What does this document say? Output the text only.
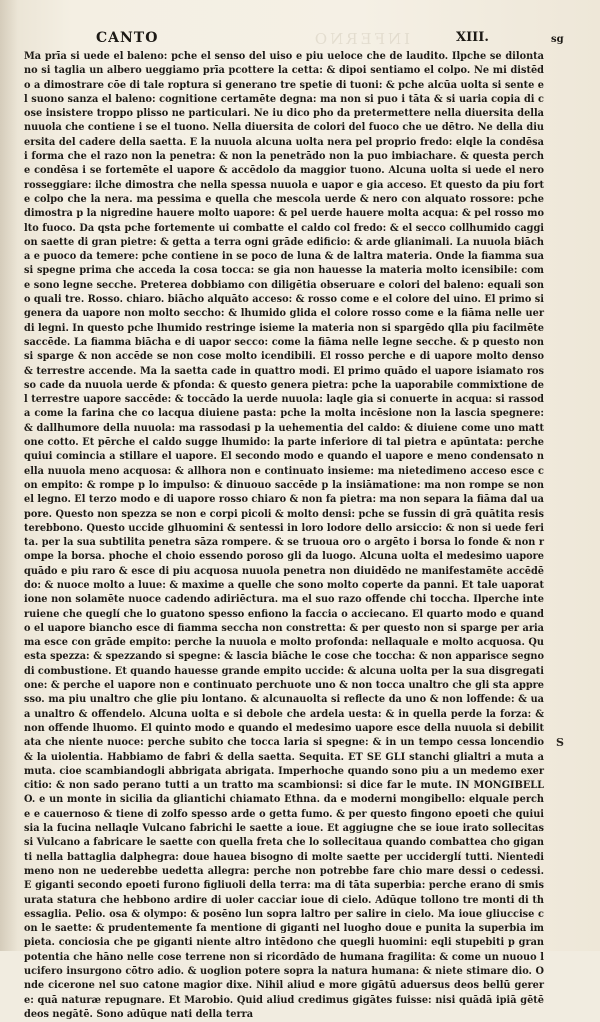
INFERNO
CANTO	XIII.	sg

Ma prīa si uede el baleno: pche el senso del uiso e piu ueloce che de laudito. Ilpche se dilontano si taglia un albero ueggiamo prīa pcottere la cetta: & dipoi sentiamo el colpo. Ne mi distēdo a dimostrare cōe di tale roptura si generano tre spetie di tuoni: & pche alcūa uolta si sente el suono sanza el baleno: cognitione certamēte degna: ma non si puo i tāta & si uaria copia di cose insistere troppo plisso ne particulari. Ne iu dico pho da pretermettere nella diuersita della nuuola che contiene i se el tuono. Nella diuersita de colori del fuoco che ue dētro. Ne della diuersita del cadere della saetta. E la nuuola alcuna uolta nera pel proprio fredo: elqle la condēsa i forma che el razo non la penetra: & non la penetrādo non la puo imbiachare. & questa perche condēsa i se fortemēte el uapore & accēdolo da maggior tuono. Alcuna uolta si uede el nero rosseggiare: ilche dimostra che nella spessa nuuola e uapor e gia acceso. Et questo da piu forte colpo che la nera. ma pessima e quella che mescola uerde & nero con alquato rossore: pche dimostra p la nigredine hauere molto uapore: & pel uerde hauere molta acqua: & pel rosso molto fuoco. Da qsta pche fortemente ui combatte el caldo col fredo: & el secco collhumido caggion saette di gran pietre: & getta a terra ogni grāde edificio: & arde glianimali. La nuuola biācha e puoco da temere: pche contiene in se poco de luna & de laltra materia. Onde la fiamma sua si spegne prima che acceda la cosa tocca: se gia non hauesse la materia molto icensibile: come sono legne secche. Preterea dobbiamo con diligētia obseruare e colori del baleno: equali sono quali tre. Rosso. chiaro. biācho alquāto acceso: & rosso come e el colore del uino. El primo si genera da uapore non molto seccho: & lhumido glida el colore rosso come e la fiāma nelle uerdi legni. In questo pche lhumido restringe isieme la materia non si spargēdo qlla piu facilmēte saccēde. La fiamma biācha e di uapor secco: come la fiāma nelle legne secche. & p questo non si sparge & non accēde se non cose molto icendibili. El rosso perche e di uapore molto denso & terrestre accende. Ma la saetta cade in quattro modi. El primo quādo el uapore isiamato rosso cade da nuuola uerde & pfonda: & questo genera pietra: pche la uaporabile commixtione del terrestre uapore saccēde: & toccādo la uerde nuuola: laqle gia si conuerte in acqua: si rassoda come la farina che co lacqua diuiene pasta: pche la molta incēsione non la lascia spegnere: & dallhumore della nuuola: ma rassodasi p la uehementia del caldo: & diuiene come uno mattone cotto. Et pērche el caldo sugge lhumido: la parte inferiore di tal pietra e apūntata: perche quiui comincia a stillare el uapore. El secondo modo e quando el uapore e meno condensato nella nuuola meno acquosa: & allhora non e continuato insieme: ma nietedimeno acceso esce con empito: & rompe p lo impulso: & dinuouo saccēde p la insiāmatione: ma non rompe se non el legno. El terzo modo e di uapore rosso chiaro & non fa pietra: ma non separa la fiāma dal uapore. Questo non spezza se non e corpi picoli & molto densi: pche se fussin di grā quātita resisterebbono. Questo uccide glhuomini & sentessi in loro lodore dello arsiccio: & non si uede ferita. per la sua subtilita penetra sāza rompere. & se truoua oro o argēto i borsa lo fonde & non rompe la borsa. phoche el choio essendo poroso gli da luogo. Alcuna uolta el medesimo uapore quādo e piu raro & esce di piu acquosa nuuola penetra non diuidēdo ne manifestamēte accēdēdo: & nuoce molto a luue: & maxime a quelle che sono molto coperte da panni. Et tale uaporatione non solamēte nuoce cadendo adiriēctura. ma el suo razo offende chi toccha. Ilperche interuiene che queglí che lo guatono spesso enfiono la faccia o acciecano. El quarto modo e quando el uapore biancho esce di fiamma seccha non constretta: & per questo non si sparge per aria ma esce con grāde empito: perche la nuuola e molto profonda: nellaquale e molto acquosa. Questa spezza: & spezzando si spegne: & lascia biāche le cose che toccha: & non apparisce segno di combustione. Et quando hauesse grande empito uccide: & alcuna uolta per la sua disgregatione: & perche el uapore non e continuato perchuote uno & non tocca unaltro che gli sta appresso. ma piu unaltro che glie piu lontano. & alcunauolta si reflecte da uno & non loffende: & ua a unaltro & offendelo. Alcuna uolta e si debole che ardela uesta: & in quella perde la forza: & non offende lhuomo. El quinto modo e quando el medesimo uapore esce della nuuola si debilitata che niente nuoce: perche subito che tocca laria si spegne: & in un tempo cessa loncendio & la uiolentia. Habbiamo de fabri & della saetta. Sequita. ET SE GLI stanchi glialtri a muta a muta. cioe scambiandogli abbrigata abrigata. Imperhoche quando sono piu a un medemo exercitio: & non sado perano tutti a un tratto ma scambionsi: si dice far le mute. IN MONGIBELLO. e un monte in sicilia da gliantichi chiamato Ethna. da e moderni mongibello: elquale perche e cauernoso & tiene di zolfo spesso arde o getta fumo. & per questo fingono epoeti che quiui sia la fucina nellaqle Vulcano fabrichi le saette a ioue. Et aggiugne che se ioue irato sollecitassi Vulcano a fabricare le saette con quella freta che lo sollecitaua quando combattea cho giganti nella battaglia dalphegra: doue hauea bisogno di molte saette per ucciderglí tutti. Nientedimeno non ne uederebbe uedetta allegra: perche non potrebbe fare chio mare dessi o cedessi. E giganti secondo epoeti furono figliuoli della terra: ma di tāta superbia: perche erano di smisurata statura che hebbono ardire di uoler cacciar ioue di cielo. Adūque tollono tre monti di thessaglia. Pelio. osa & olympo: & posēno lun sopra laltro per salire in cielo. Ma ioue gliuccise con le saette: & prudentemente fa mentione di giganti nel luogho doue e punita la superbia impieta. conciosia che pe giganti niente altro intēdono che quegli huomini: eqli stupebiti p gran potentia che hāno nelle cose terrene non si ricordādo de humana fragilita: & come un nuouo lucifero insurgono cōtro adio. & uoglion potere sopra la natura humana: & niete stimare dio. Onde cicerone nel suo catone magior dixe. Nihil aliud e more gigātū aduersus deos bellū gerere: quā naturæ repugnare. Et Marobio. Quid aliud credimus gigātes fuisse: nisi quādā ipiā gētē deos negātē. Sono adūque nati della terra

S
